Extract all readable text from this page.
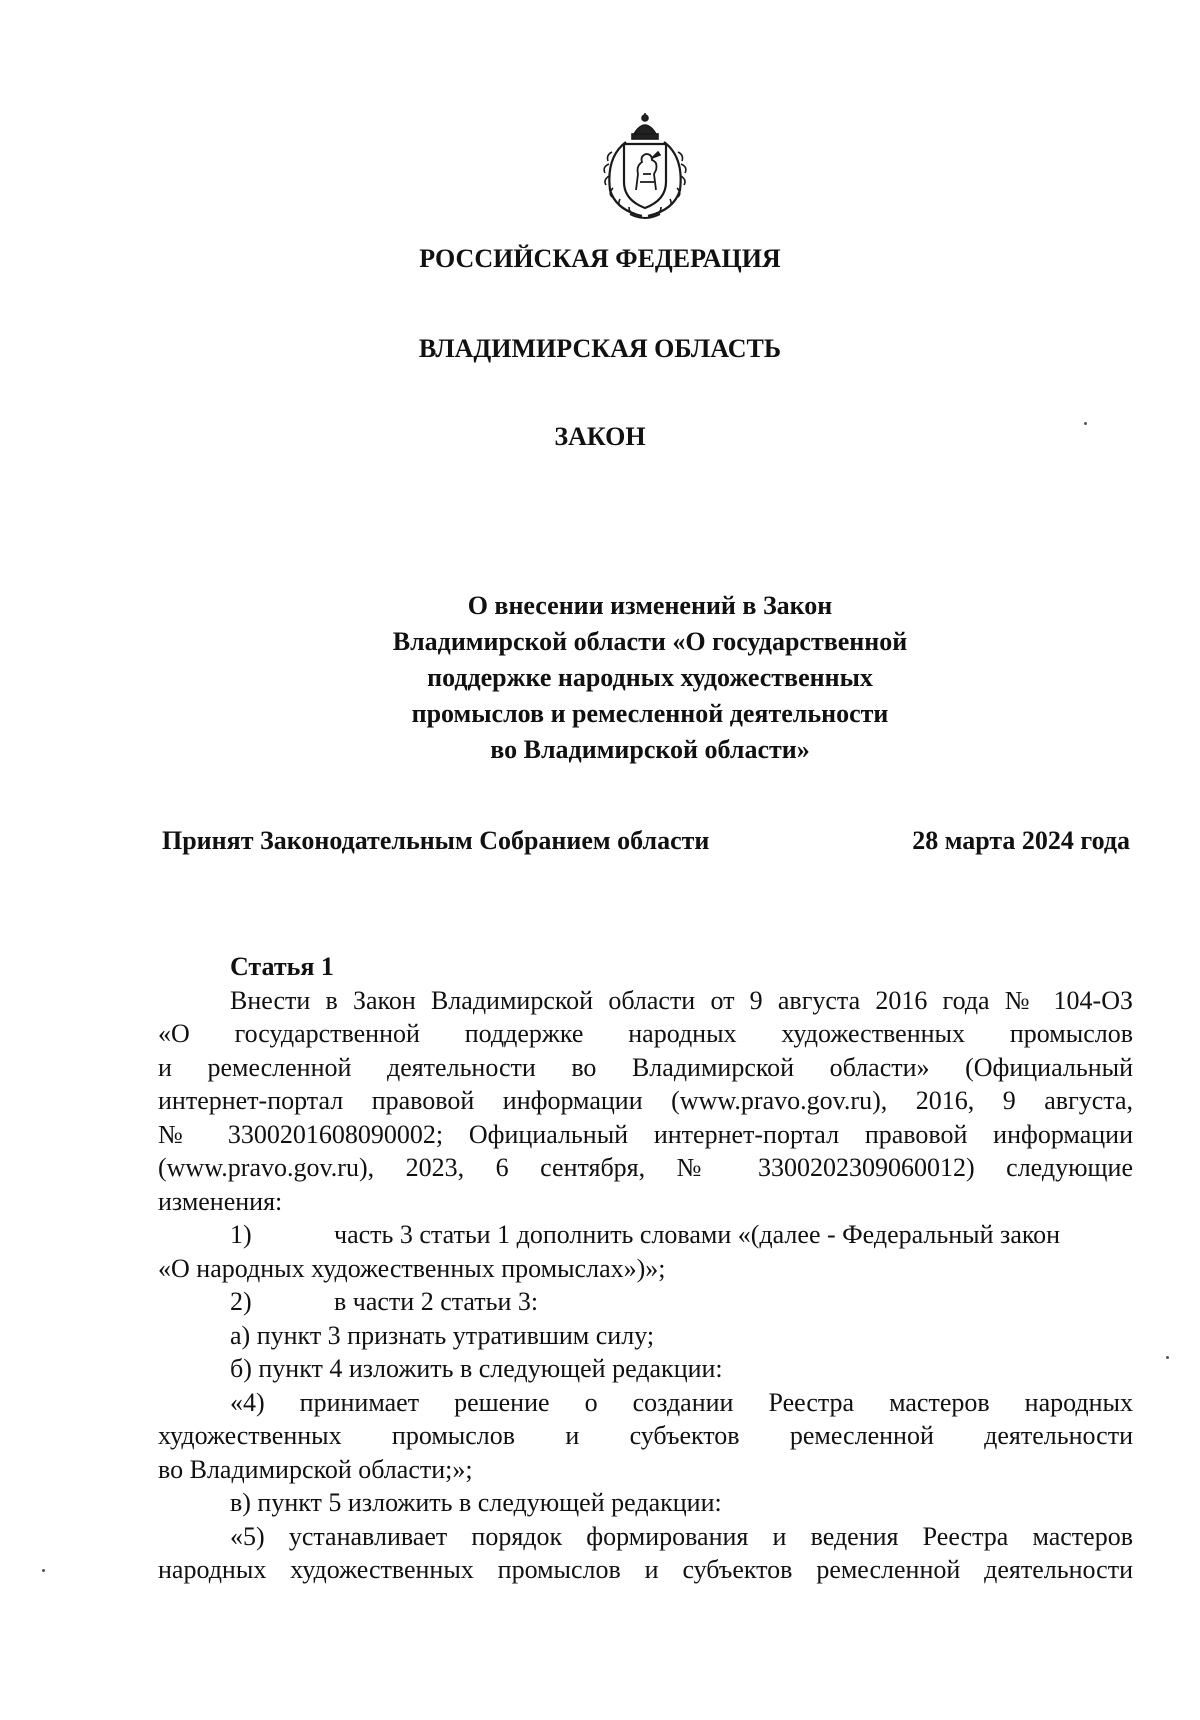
РОССИЙСКАЯ ФЕДЕРАЦИЯ
ВЛАДИМИРСКАЯ ОБЛАСТЬ
ЗАКОН
О внесении изменений в Закон
Владимирской области «О государственной
поддержке народных художественных
промыслов и ремесленной деятельности
во Владимирской области»
Принят Законодательным Собранием области	28 марта 2024 года
Статья 1
Внести в Закон Владимирской области от 9 августа 2016 года № 104-ОЗ
«О государственной поддержке народных художественных промыслов
и ремесленной деятельности во Владимирской области» (Официальный
интернет-портал правовой информации (www.pravo.gov.ru), 2016, 9 августа,
№ 3300201608090002; Официальный интернет-портал правовой информации
(www.pravo.gov.ru), 2023, 6 сентября, № 3300202309060012) следующие
изменения:
1)	часть 3 статьи 1 дополнить словами «(далее - Федеральный закон
«О народных художественных промыслах»)»;
2)	в части 2 статьи 3:
а) пункт 3 признать утратившим силу;
б) пункт 4 изложить в следующей редакции:
«4) принимает решение о создании Реестра мастеров народных
художественных промыслов и субъектов ремесленной деятельности
во Владимирской области;»;
в) пункт 5 изложить в следующей редакции:
«5) устанавливает порядок формирования и ведения Реестра мастеров
народных художественных промыслов и субъектов ремесленной деятельности
